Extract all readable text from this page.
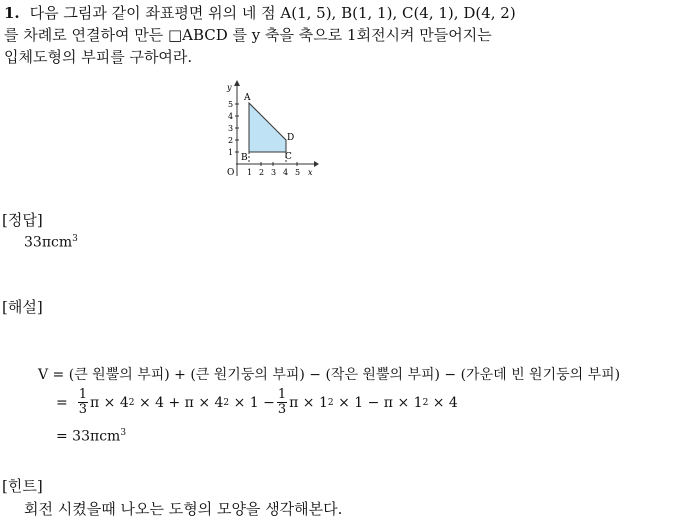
1. 다음 그림과 같이 좌표평면 위의 네 점 A(1, 5), B(1, 1), C(4, 1), D(4, 2)
를 차례로 연결하여 만든 □ABCD 를 y 축을 축으로 1회전시켜 만들어지는
입체도형의 부피를 구하여라.
y
x
O 1 2 3 4 5
1
2
3
4
5
A
B	C
D
[정답]
33πcm$^3$
[해설]
V = (큰 원뿔의 부피) + (큰 원기둥의 부피) − (작은 원뿔의 부피) − (가운데 빈 원기둥의 부피)
= $\frac{1}{3}$ π × 4 2 × 4 + π × 4 $2 \times 1 - \frac{1}{3}$ π × 1 2 × 1 − π × 1 2 × 4
= 33πcm$^3$
[힌트]
회전 시켰을때 나오는 도형의 모양을 생각해본다.
